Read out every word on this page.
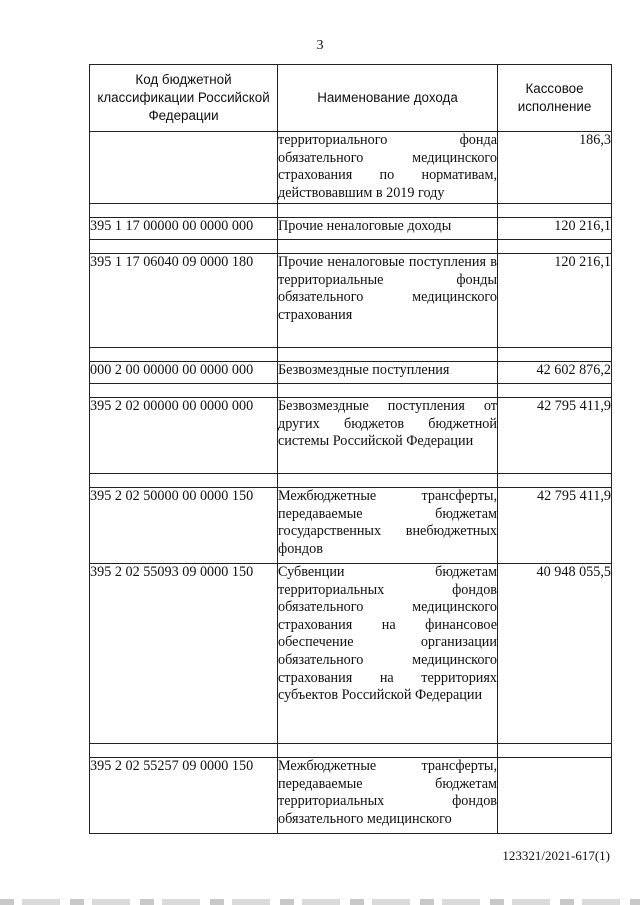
3
Код бюджетной классификации Российской Федерации	Наименование дохода	Кассовое исполнение
	территориального фонда обязательного медицинского страхования по нормативам, действовавшим в 2019 году	186,3

395 1 17 00000 00 0000 000	Прочие неналоговые доходы	120 216,1

395 1 17 06040 09 0000 180	Прочие неналоговые поступления в территориальные фонды обязательного медицинского страхования	120 216,1

000 2 00 00000 00 0000 000	Безвозмездные поступления	42 602 876,2

395 2 02 00000 00 0000 000	Безвозмездные поступления от других бюджетов бюджетной системы Российской Федерации	42 795 411,9

395 2 02 50000 00 0000 150	Межбюджетные трансферты, передаваемые бюджетам государственных внебюджетных фондов	42 795 411,9
395 2 02 55093 09 0000 150	Субвенции бюджетам территориальных фондов обязательного медицинского страхования на финансовое обеспечение организации обязательного медицинского страхования на территориях субъектов Российской Федерации	40 948 055,5

395 2 02 55257 09 0000 150	Межбюджетные трансферты, передаваемые бюджетам территориальных фондов обязательного медицинского	
123321/2021-617(1)
